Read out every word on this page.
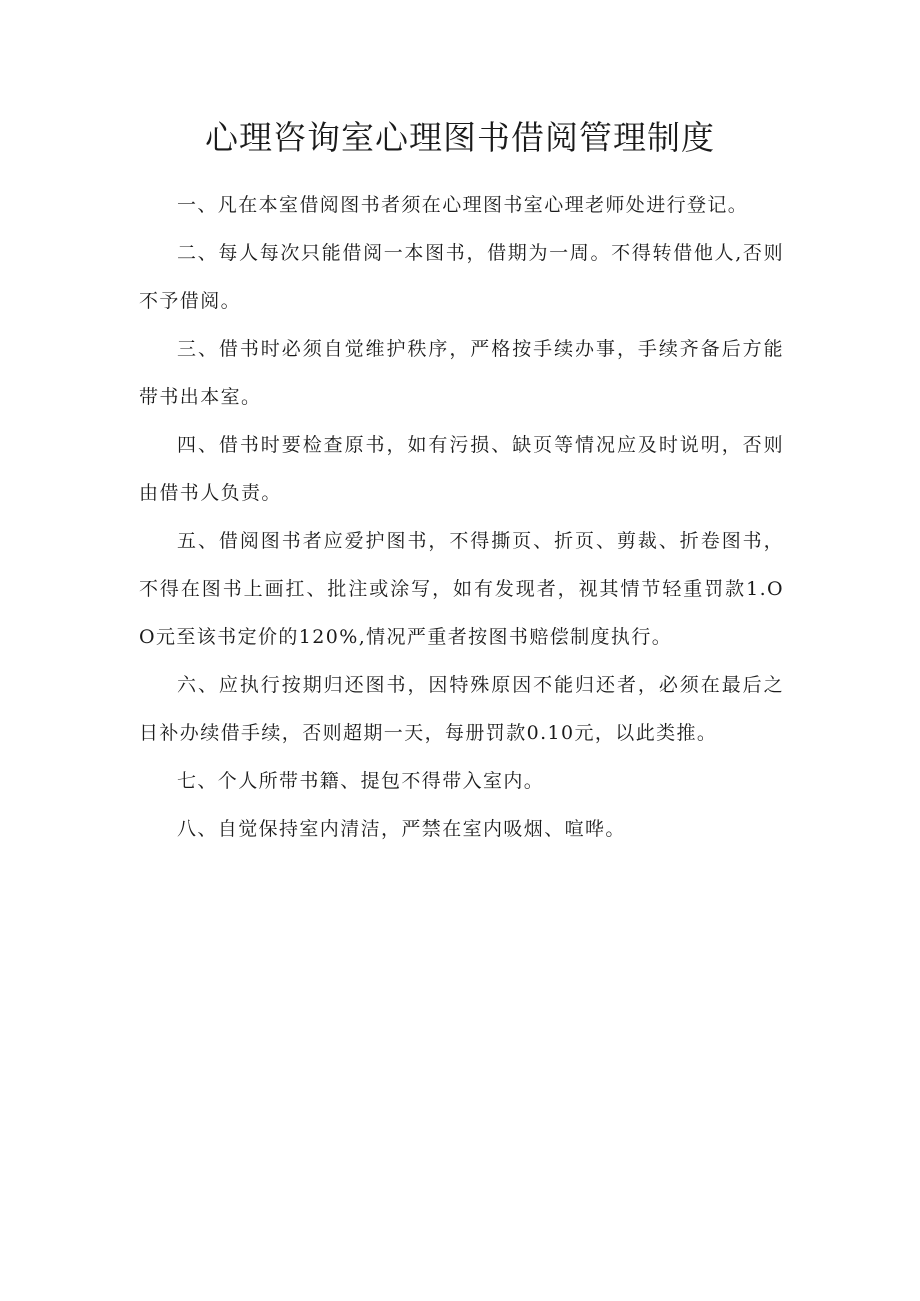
心理咨询室心理图书借阅管理制度

一、凡在本室借阅图书者须在心理图书室心理老师处进行登记。

二、每人每次只能借阅一本图书，借期为一周。不得转借他人,否则不予借阅。

三、借书时必须自觉维护秩序，严格按手续办事，手续齐备后方能带书出本室。

四、借书时要检查原书，如有污损、缺页等情况应及时说明，否则由借书人负责。

五、借阅图书者应爱护图书，不得撕页、折页、剪裁、折卷图书，不得在图书上画扛、批注或涂写，如有发现者，视其情节轻重罚款1.OO元至该书定价的120%,情况严重者按图书赔偿制度执行。

六、应执行按期归还图书，因特殊原因不能归还者，必须在最后之日补办续借手续，否则超期一天，每册罚款0.10元，以此类推。

七、个人所带书籍、提包不得带入室内。

八、自觉保持室内清洁，严禁在室内吸烟、喧哗。
